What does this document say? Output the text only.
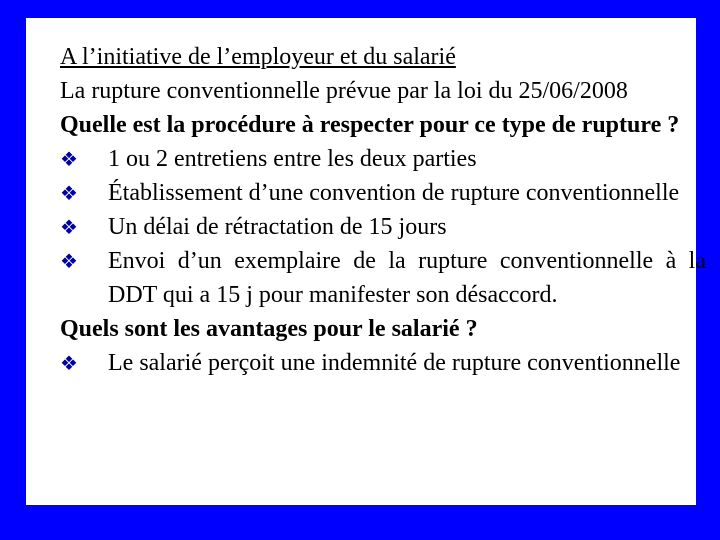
A l’initiative de l’employeur et du salarié

La rupture conventionnelle prévue par la loi du 25/06/2008

Quelle est la procédure à respecter pour ce type de rupture ?

❖ 1 ou 2 entretiens entre les deux parties
❖ Établissement d’une convention de rupture conventionnelle
❖ Un délai de rétractation de 15 jours
❖ Envoi d’un exemplaire de la rupture conventionnelle à la DDT qui a 15 j pour manifester son désaccord.

Quels sont les avantages pour le salarié ?

❖ Le salarié perçoit une indemnité de rupture conventionnelle
